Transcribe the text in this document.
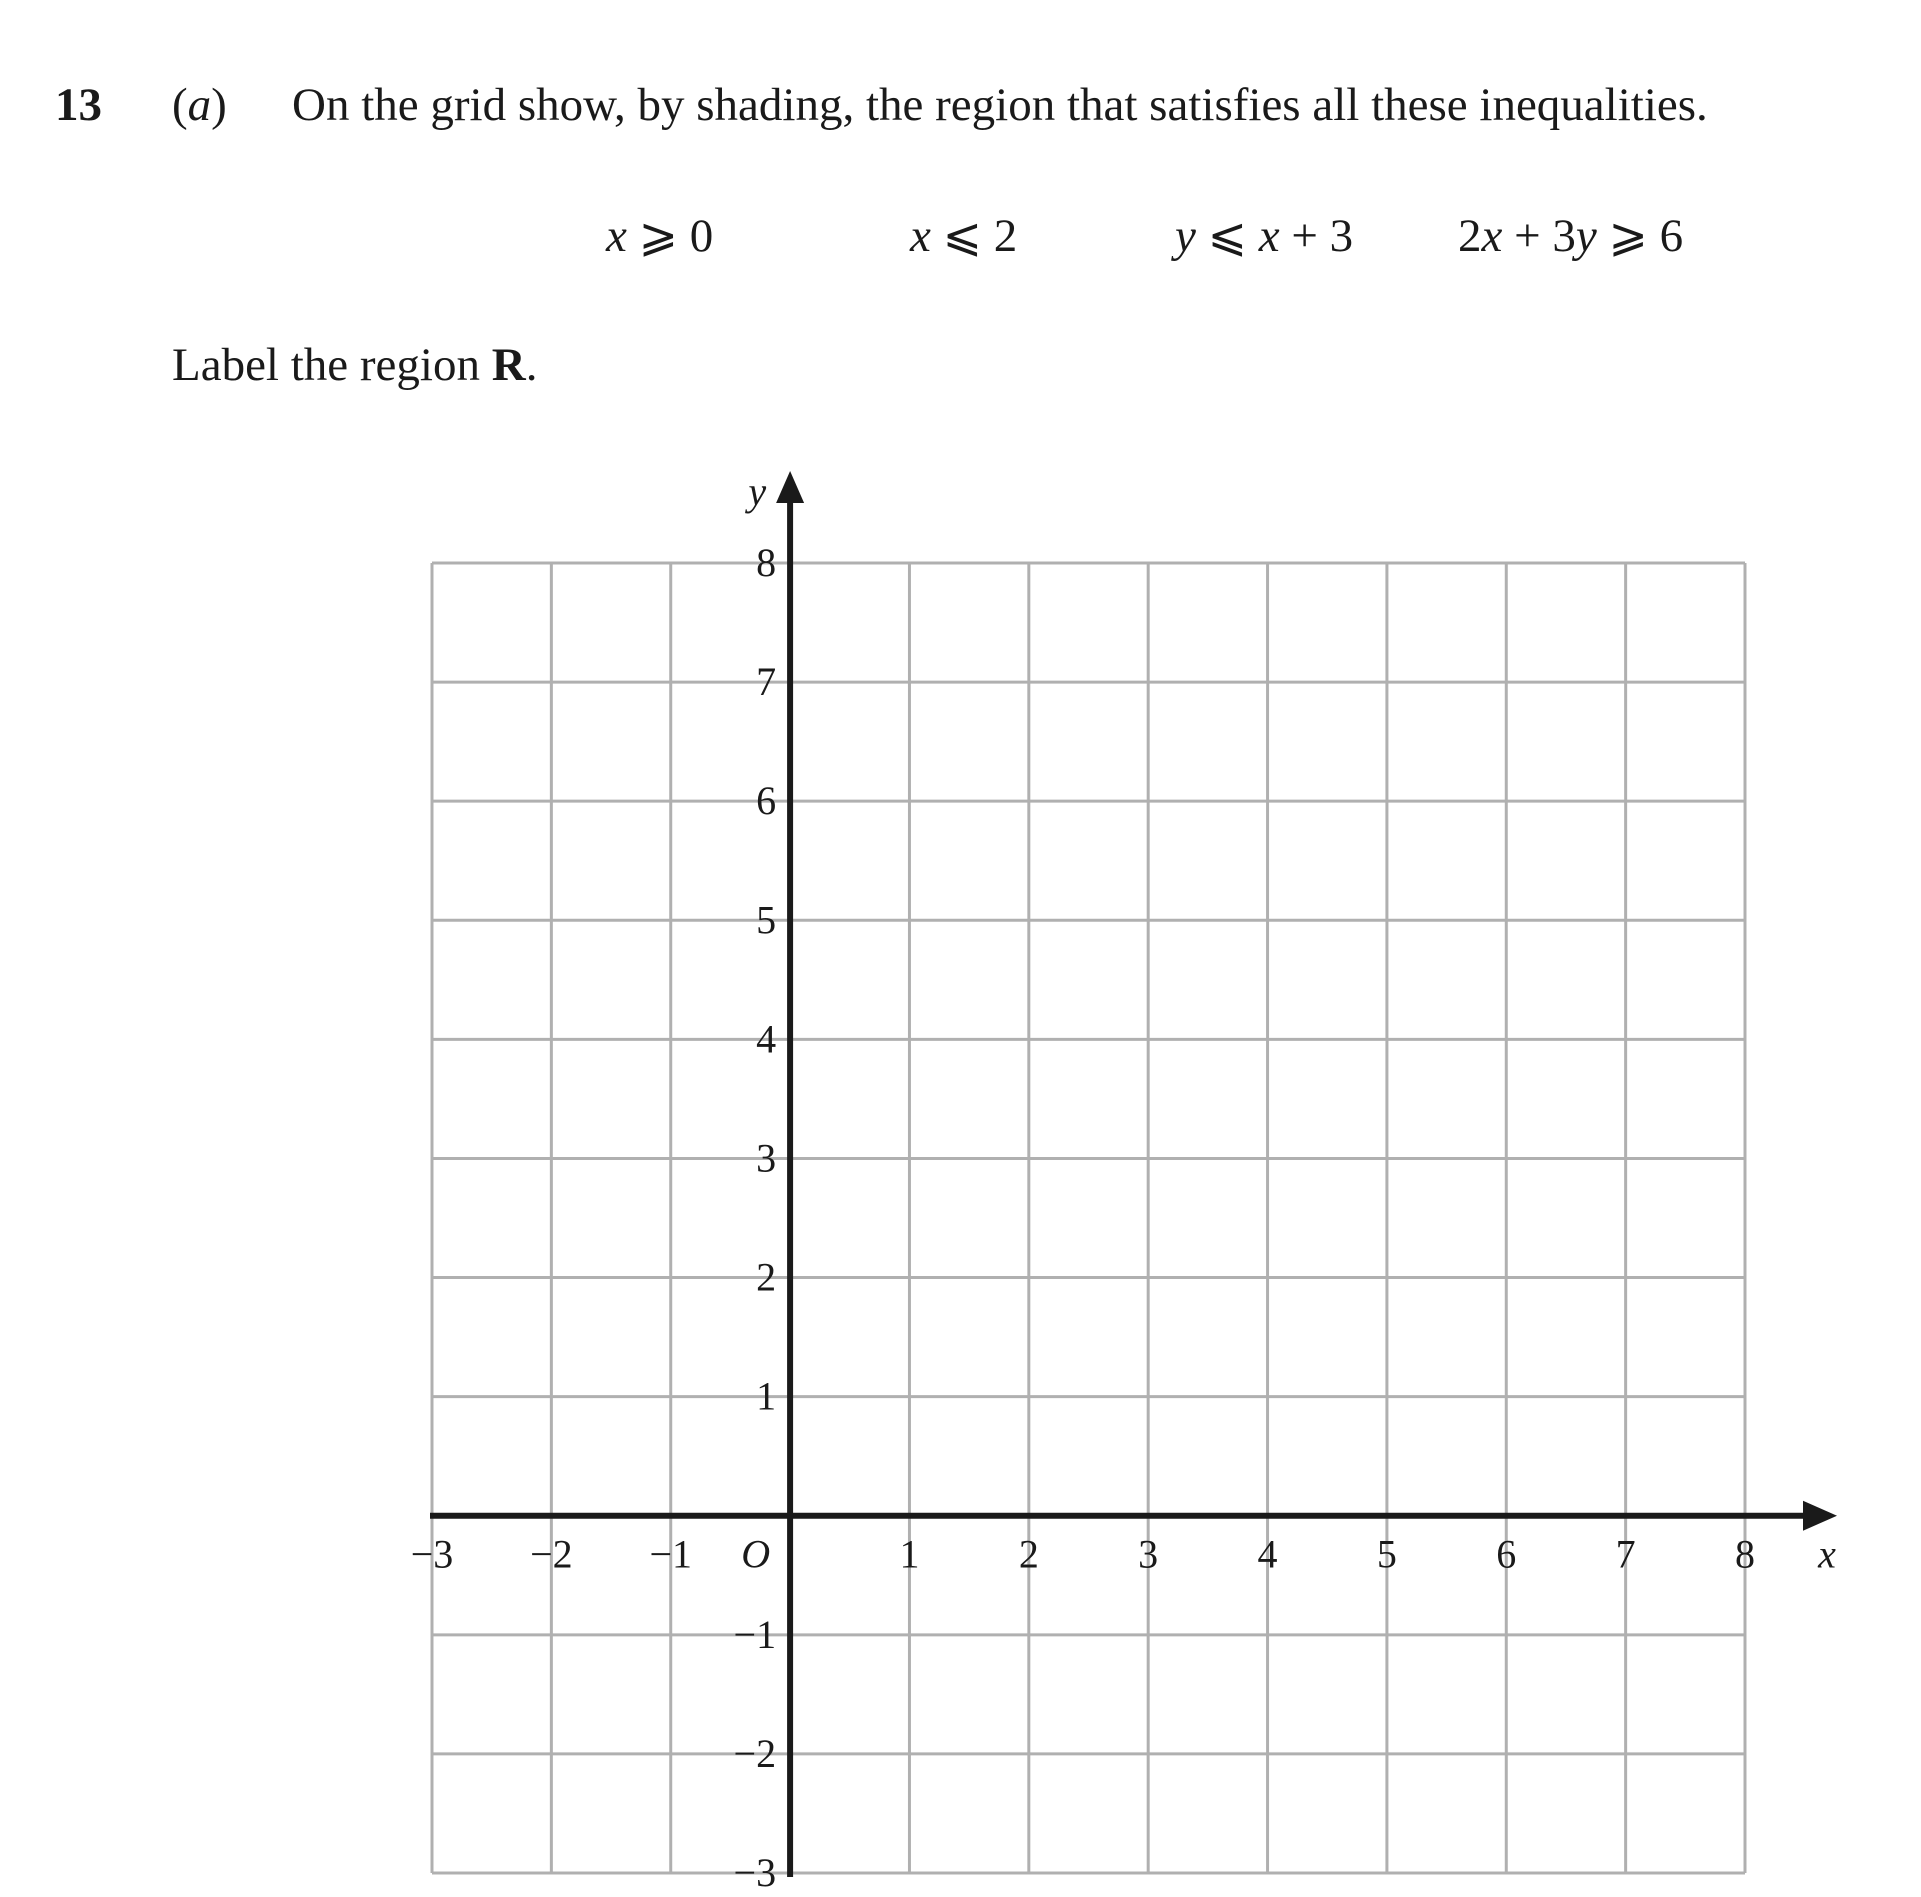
13 (a) On the grid show, by shading, the region that satisfies all these inequalities.
x ⩾ 0	x ⩽ 2	y ⩽ x + 3 2x + 3y ⩾ 6
Label the region R.
−3 −2 −1	1 2 3 4 5 6 7 8
8
7
6
5
4
3
2
1
−1
−2
−3
O	x
y
